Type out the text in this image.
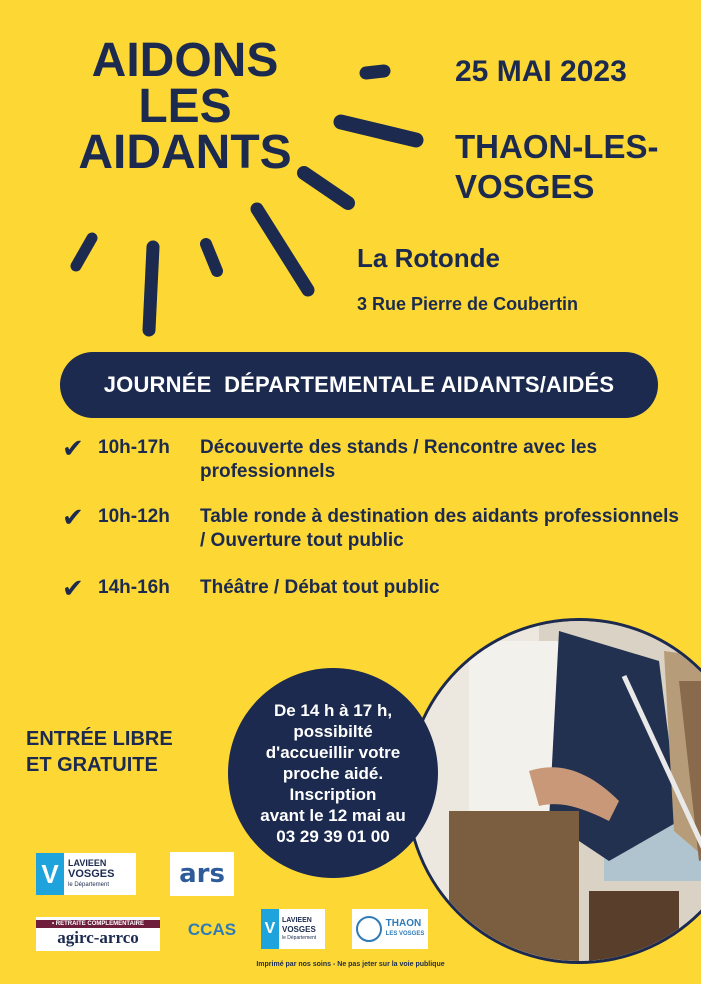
AIDONS
LES
AIDANTS
25 MAI 2023
THAON-LES-VOSGES
La Rotonde
3 Rue Pierre de Coubertin
JOURNÉE  DÉPARTEMENTALE AIDANTS/AIDÉS
✔ 10h-17h	Découverte des stands / Rencontre avec les professionnels
✔ 10h-12h	Table ronde à destination des aidants professionnels / Ouverture tout public
✔ 14h-16h	Théâtre / Débat tout public
De 14 h à 17 h,
possibilté
d'accueillir votre
proche aidé.
Inscription
avant le 12 mai au
03 29 39 01 00
ENTRÉE LIBRE
ET GRATUITE
V	LAVIEEN
VOSGES
le Département	ars
• RETRAITE COMPLEMENTAIRE
agirc-arrco	CCAS V LAVIEEN
VOSGES
le Département
THAON
LES VOSGES
Imprimé par nos soins - Ne pas jeter sur la voie publique
